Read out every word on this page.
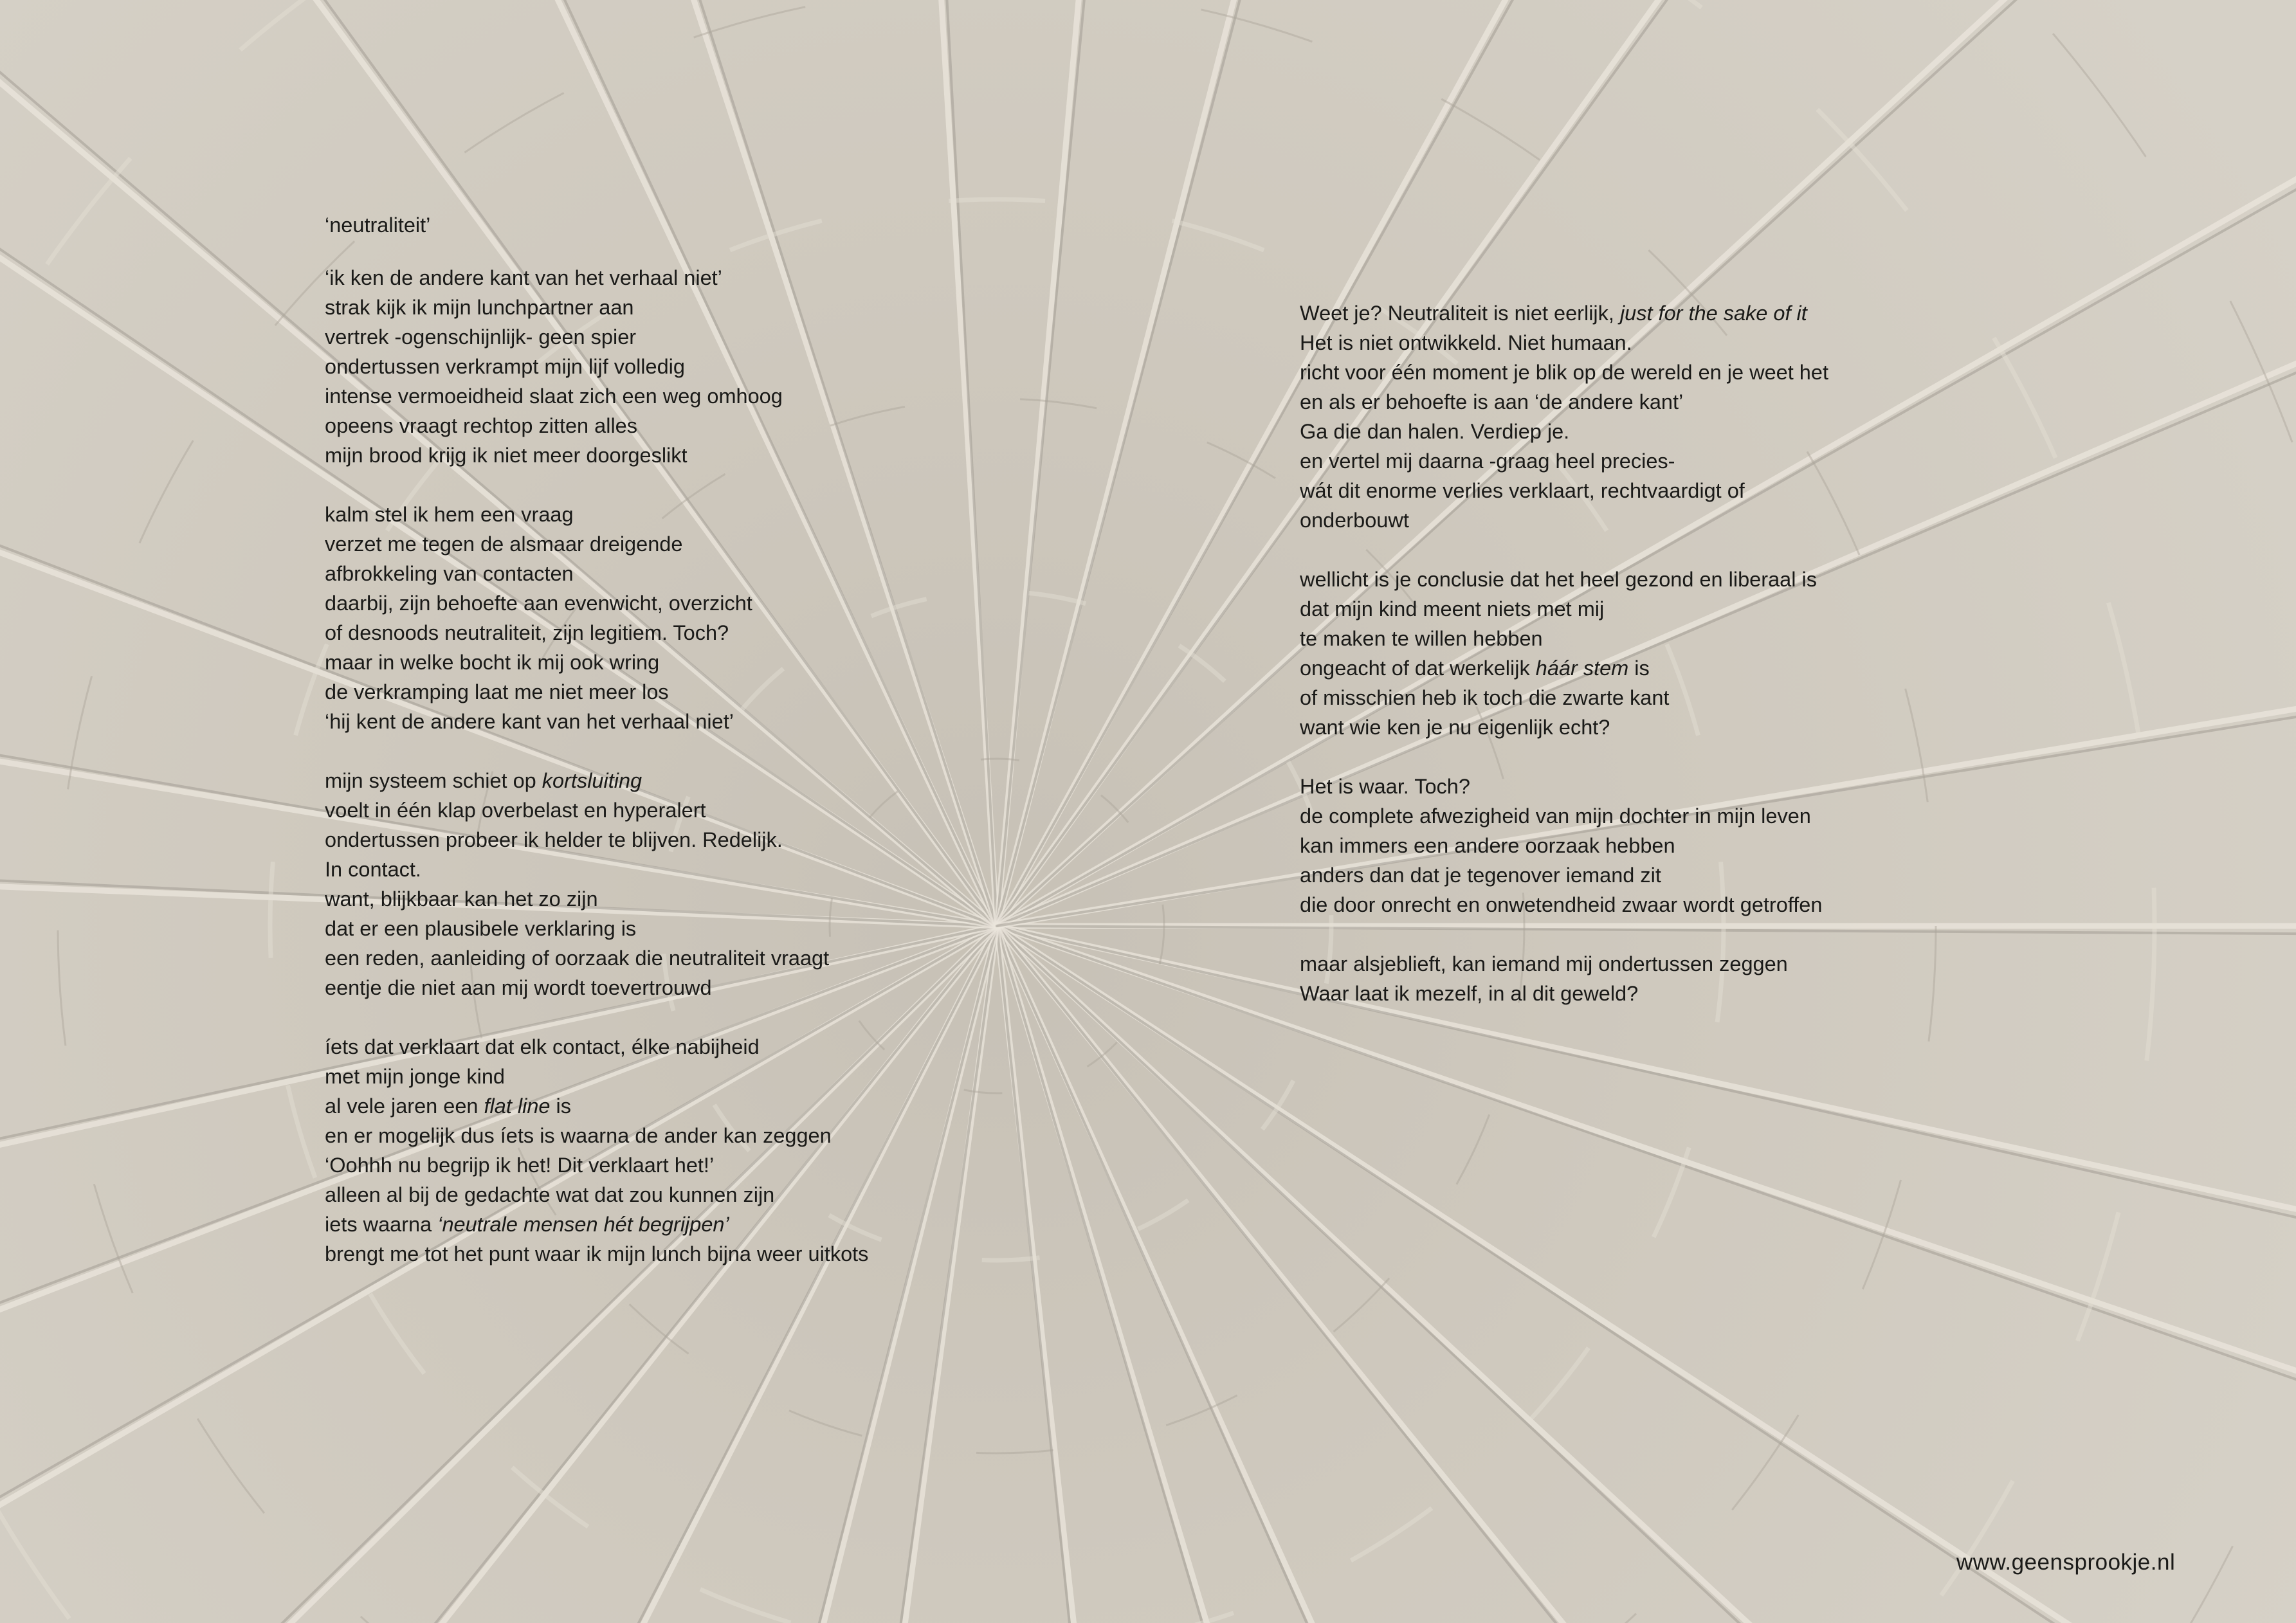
‘neutraliteit’

‘ik ken de andere kant van het verhaal niet’

strak kijk ik mijn lunchpartner aan

vertrek -ogenschijnlijk- geen spier

ondertussen verkrampt mijn lijf volledig

intense vermoeidheid slaat zich een weg omhoog

opeens vraagt rechtop zitten alles

mijn brood krijg ik niet meer doorgeslikt

kalm stel ik hem een vraag

verzet me tegen de alsmaar dreigende

afbrokkeling van contacten

daarbij, zijn behoefte aan evenwicht, overzicht

of desnoods neutraliteit, zijn legitiem. Toch?

maar in welke bocht ik mij ook wring

de verkramping laat me niet meer los

‘hij kent de andere kant van het verhaal niet’

mijn systeem schiet op kortsluiting

voelt in één klap overbelast en hyperalert

ondertussen probeer ik helder te blijven. Redelijk.

In contact.

want, blijkbaar kan het zo zijn

dat er een plausibele verklaring is

een reden, aanleiding of oorzaak die neutraliteit vraagt

eentje die niet aan mij wordt toevertrouwd

íets dat verklaart dat elk contact, élke nabijheid

met mijn jonge kind

al vele jaren een flat line is

en er mogelijk dus íets is waarna de ander kan zeggen

‘Oohhh nu begrijp ik het! Dit verklaart het!’

alleen al bij de gedachte wat dat zou kunnen zijn

iets waarna ‘neutrale mensen hét begrijpen’

brengt me tot het punt waar ik mijn lunch bijna weer uitkots

Weet je? Neutraliteit is niet eerlijk, just for the sake of it

Het is niet ontwikkeld. Niet humaan.

richt voor één moment je blik op de wereld en je weet het

en als er behoefte is aan ‘de andere kant’

Ga die dan halen. Verdiep je.

en vertel mij daarna -graag heel precies-

wát dit enorme verlies verklaart, rechtvaardigt of

onderbouwt

wellicht is je conclusie dat het heel gezond en liberaal is

dat mijn kind meent niets met mij

te maken te willen hebben

ongeacht of dat werkelijk háár stem is

of misschien heb ik toch die zwarte kant

want wie ken je nu eigenlijk echt?

Het is waar. Toch?

de complete afwezigheid van mijn dochter in mijn leven

kan immers een andere oorzaak hebben

anders dan dat je tegenover iemand zit

die door onrecht en onwetendheid zwaar wordt getroffen

maar alsjeblieft, kan iemand mij ondertussen zeggen

Waar laat ik mezelf, in al dit geweld?

www.geensprookje.nl
